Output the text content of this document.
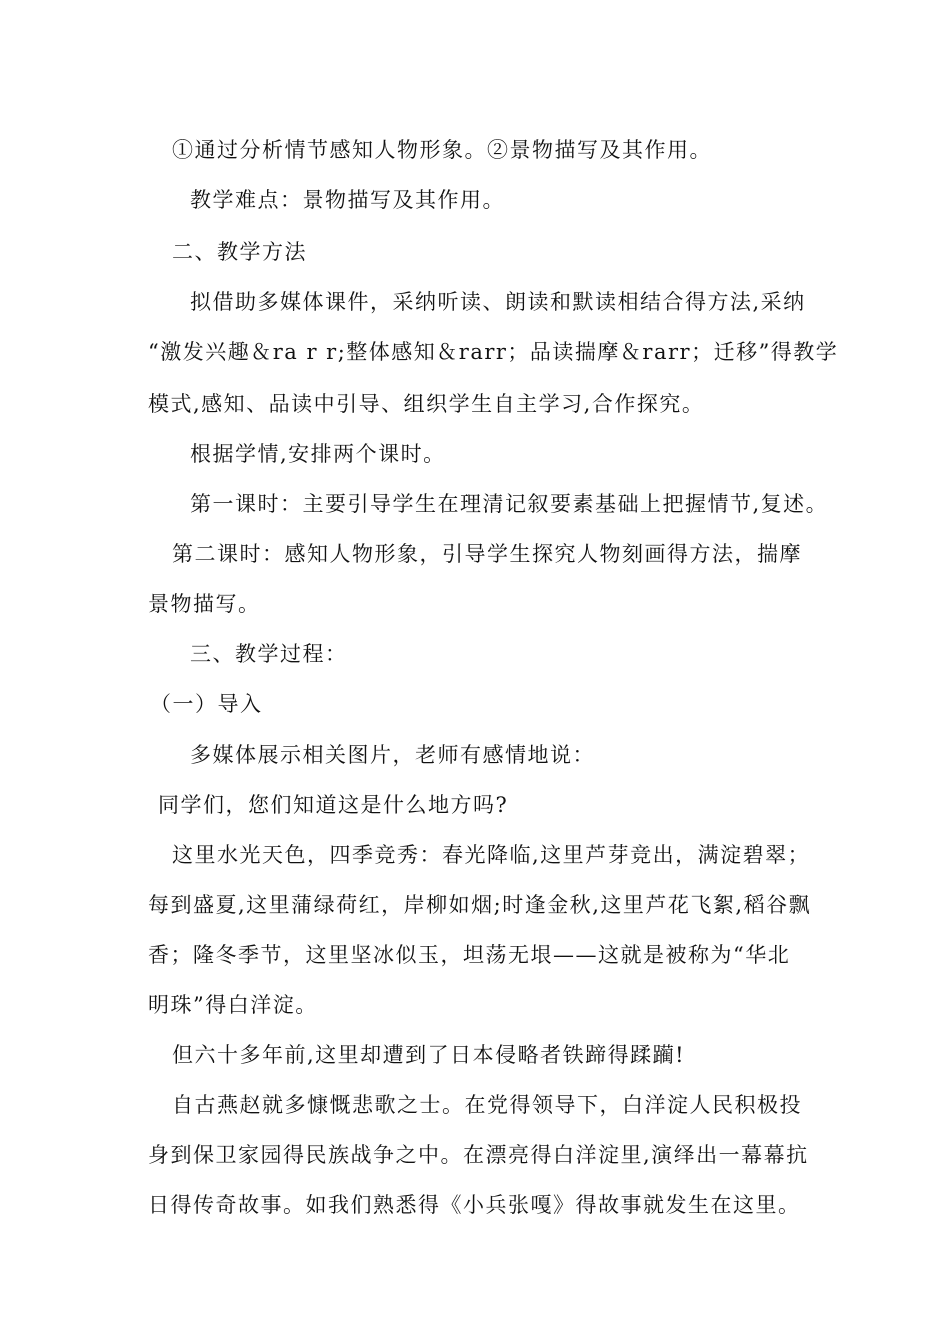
①通过分析情节感知人物形象。②景物描写及其作用。
教学难点：景物描写及其作用。
二、教学方法
拟借助多媒体课件，采纳听读、朗读和默读相结合得方法,采纳
“激发兴趣＆ra r r;整体感知＆rarr；品读揣摩＆rarr；迁移”得教学
模式,感知、品读中引导、组织学生自主学习,合作探究。
根据学情,安排两个课时。
第一课时：主要引导学生在理清记叙要素基础上把握情节,复述。
第二课时：感知人物形象，引导学生探究人物刻画得方法，揣摩
景物描写。
三、教学过程：
（一）导入
多媒体展示相关图片，老师有感情地说：
同学们，您们知道这是什么地方吗?
这里水光天色，四季竞秀：春光降临,这里芦芽竞出，满淀碧翠；
每到盛夏,这里蒲绿荷红，岸柳如烟;时逢金秋,这里芦花飞絮,稻谷飘
香；隆冬季节，这里坚冰似玉，坦荡无垠——这就是被称为“华北
明珠”得白洋淀。
但六十多年前,这里却遭到了日本侵略者铁蹄得蹂躏!
自古燕赵就多慷慨悲歌之士。在党得领导下，白洋淀人民积极投
身到保卫家园得民族战争之中。在漂亮得白洋淀里,演绎出一幕幕抗
日得传奇故事。如我们熟悉得《小兵张嘎》得故事就发生在这里。
